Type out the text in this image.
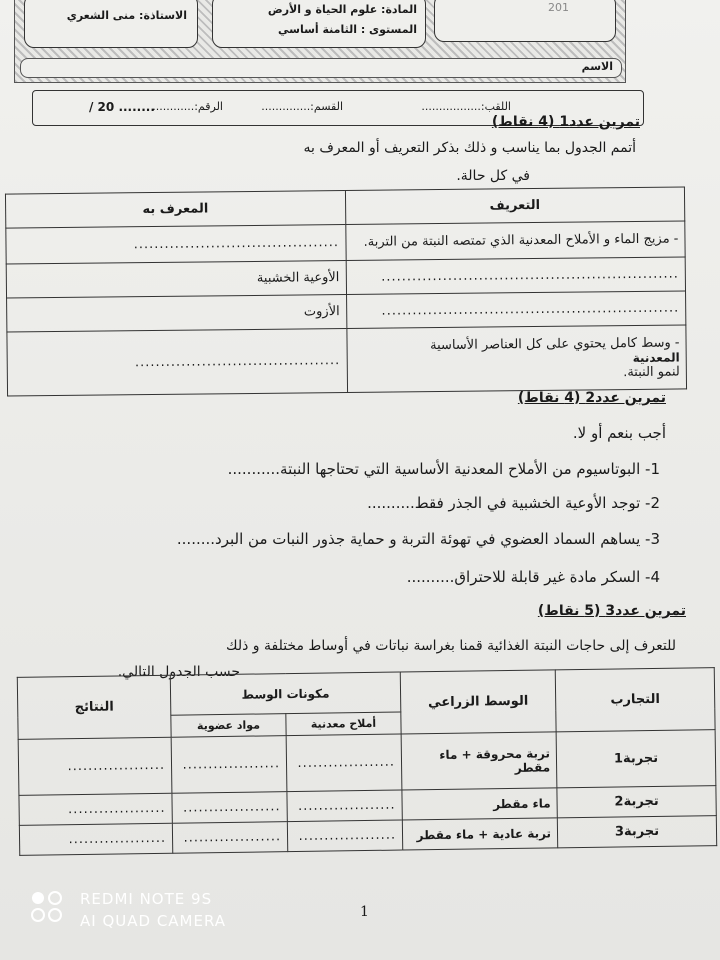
الاستاذة: منى الشعري	المادة: علوم الحياة و الأرض
المستوى : الثامنة أساسي
201
الاسم
اللقب:.................
القسم:..............
الرقم:............
/ 20 ........
تمرين عدد1 (4 نقاط)
أتمم الجدول بما يناسب و ذلك بذكر التعريف أو المعرف به
في كل حالة.
التعريف	المعرف به
- مزيج الماء و الأملاح المعدنية الذي تمتصه النبتة من التربة.	........................................
..........................................................	الأوعية الخشبية
..........................................................	الأزوت

- وسط كامل يحتوي على كل العناصر الأساسية
المعدنية
لنمو النبتة.	........................................
تمرين عدد2 (4 نقاط)
أجب بنعم أو لا.
1- البوتاسيوم من الأملاح المعدنية الأساسية التي تحتاجها النبتة...........
2- توجد الأوعية الخشبية في الجذر فقط..........
3- يساهم السماد العضوي في تهوئة التربة و حماية جذور النبات من البرد........
4- السكر مادة غير قابلة للاحتراق..........
تمرين عدد3 (5 نقاط)
للتعرف إلى حاجات النبتة الغذائية قمنا بغراسة نباتات في أوساط مختلفة و ذلك
حسب الجدول التالي.
التجارب	الوسط الزراعي	مكونات الوسط		النتائج
		أملاح معدنية	مواد عضوية	
تجربة1	تربة محروقة + ماء مقطر	...................	...................	...................
تجربة2	ماء مقطر	...................	...................	...................
تجربة3	تربة عادية + ماء مقطر	...................	...................	...................
1
REDMI NOTE 9S
AI QUAD CAMERA
